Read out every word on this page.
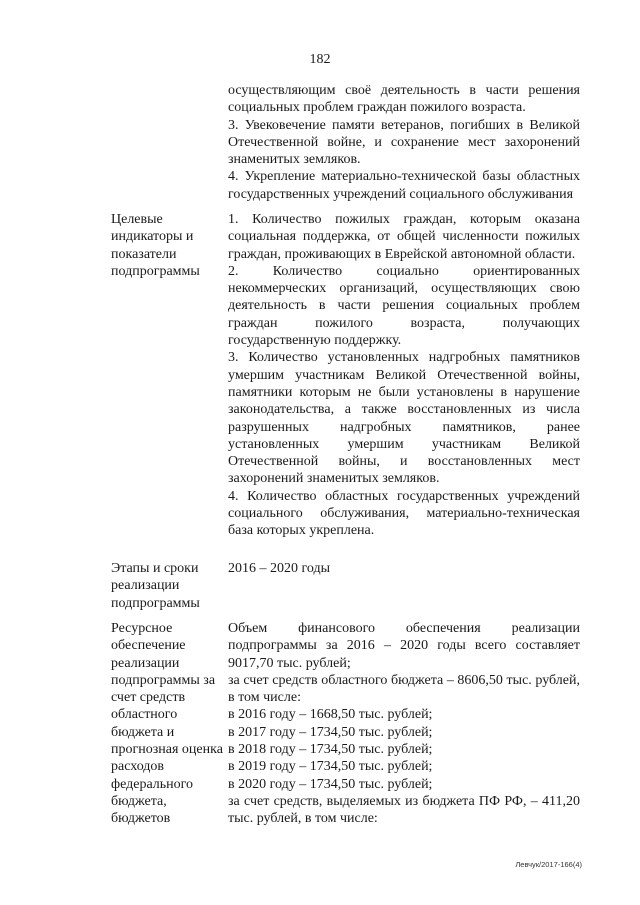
182

осуществляющим своё деятельность в части решения социальных проблем граждан пожилого возраста.

3. Увековечение памяти ветеранов, погибших в Великой Отечественной войне, и сохранение мест захоронений знаменитых земляков.

4. Укрепление материально-технической базы областных государственных учреждений социального обслуживания

Целевые индикаторы и показатели подпрограммы

1. Количество пожилых граждан, которым оказана социальная поддержка, от общей численности пожилых граждан, проживающих в Еврейской автономной области.

2. Количество социально ориентированных некоммерческих организаций, осуществляющих свою деятельность в части решения социальных проблем граждан пожилого возраста, получающих государственную поддержку.

3. Количество установленных надгробных памятников умершим участникам Великой Отечественной войны, памятники которым не были установлены в нарушение законодательства, а также восстановленных из числа разрушенных надгробных памятников, ранее установленных умершим участникам Великой Отечественной войны, и восстановленных мест захоронений знаменитых земляков.

4. Количество областных государственных учреждений социального обслуживания, материально-техническая база которых укреплена.

Этапы и сроки реализации подпрограммы

2016 – 2020 годы

Ресурсное обеспечение реализации подпрограммы за счет средств областного бюджета и прогнозная оценка расходов федерального бюджета, бюджетов

Объем финансового обеспечения реализации подпрограммы за 2016 – 2020 годы всего составляет 9017,70 тыс. рублей;

за счет средств областного бюджета – 8606,50 тыс. рублей, в том числе:

в 2016 году – 1668,50 тыс. рублей;

в 2017 году – 1734,50 тыс. рублей;

в 2018 году – 1734,50 тыс. рублей;

в 2019 году – 1734,50 тыс. рублей;

в 2020 году – 1734,50 тыс. рублей;

за счет средств, выделяемых из бюджета ПФ РФ, – 411,20 тыс. рублей, в том числе:

Левчук/2017-166(4)
